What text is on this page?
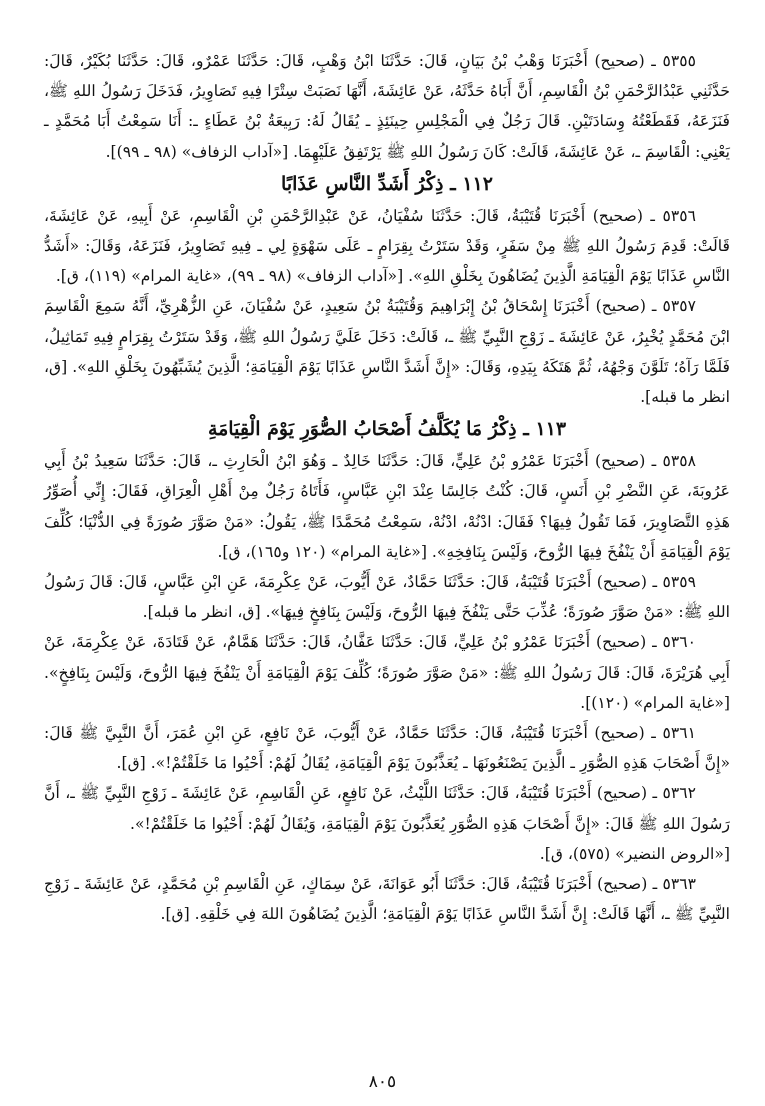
٥٣٥٥ ـ (صحيح) أَخْبَرَنَا وَهْبُ بْنُ بَيَانٍ، قَالَ: حَدَّثَنَا ابْنُ وَهْبٍ، قَالَ: حَدَّثَنَا عَمْرٌو، قَالَ: حَدَّثَنَا بُكَيْرٌ، قَالَ: حَدَّثَنِي عَبْدُالرَّحْمَنِ بْنُ الْقَاسِمِ، أَنَّ أَبَاهُ حَدَّثَهُ، عَنْ عَائِشَةَ، أَنَّهَا نَصَبَتْ سِتْرًا فِيهِ تَصَاوِيرُ، فَدَخَلَ رَسُولُ اللهِ ﷺ، فَنَزَعَهُ، فَقَطَعْتُهُ وِسَادَتَيْنِ. قَالَ رَجُلٌ فِي الْمَجْلِسِ حِينَئِذٍ ـ يُقَالُ لَهُ: رَبِيعَةُ بْنُ عَطَاءٍ ـ: أَنَا سَمِعْتُ أَبَا مُحَمَّدٍ ـ يَعْنِي: الْقَاسِمَ ـ، عَنْ عَائِشَةَ، قَالَتْ: كَانَ رَسُولُ اللهِ ﷺ يَرْتَفِقُ عَلَيْهِمَا. [«آداب الزفاف» (٩٨ ـ ٩٩)].

١١٢ ـ ذِكْرُ أَشَدِّ النَّاسِ عَذَابًا

٥٣٥٦ ـ (صحيح) أَخْبَرَنَا قُتَيْبَةُ، قَالَ: حَدَّثَنَا سُفْيَانُ، عَنْ عَبْدِالرَّحْمَنِ بْنِ الْقَاسِمِ، عَنْ أَبِيهِ، عَنْ عَائِشَةَ، قَالَتْ: قَدِمَ رَسُولُ اللهِ ﷺ مِنْ سَفَرٍ، وَقَدْ سَتَرْتُ بِقِرَامٍ ـ عَلَى سَهْوَةٍ لِي ـ فِيهِ تَصَاوِيرُ، فَنَزَعَهُ، وَقَالَ: «أَشَدُّ النَّاسِ عَذَابًا يَوْمَ الْقِيَامَةِ الَّذِينَ يُضَاهُونَ بِخَلْقِ اللهِ». [«آداب الزفاف» (٩٨ ـ ٩٩)، «غاية المرام» (١١٩)، ق].

٥٣٥٧ ـ (صحيح) أَخْبَرَنَا إِسْحَاقُ بْنُ إِبْرَاهِيمَ وَقُتَيْبَةُ بْنُ سَعِيدٍ، عَنْ سُفْيَانَ، عَنِ الزُّهْرِيِّ، أَنَّهُ سَمِعَ الْقَاسِمَ ابْنَ مُحَمَّدٍ يُخْبِرُ، عَنْ عَائِشَةَ ـ زَوْجِ النَّبِيِّ ﷺ ـ، قَالَتْ: دَخَلَ عَلَيَّ رَسُولُ اللهِ ﷺ، وَقَدْ سَتَرْتُ بِقِرَامٍ فِيهِ تَمَاثِيلُ، فَلَمَّا رَآهُ؛ تَلَوَّنَ وَجْهُهُ، ثُمَّ هَتَكَهُ بِيَدِهِ، وَقَالَ: «إِنَّ أَشَدَّ النَّاسِ عَذَابًا يَوْمَ الْقِيَامَةِ؛ الَّذِينَ يُشَبِّهُونَ بِخَلْقِ اللهِ». [ق، انظر ما قبله].

١١٣ ـ ذِكْرُ مَا يُكَلَّفُ أَصْحَابُ الصُّوَرِ يَوْمَ الْقِيَامَةِ

٥٣٥٨ ـ (صحيح) أَخْبَرَنَا عَمْرُو بْنُ عَلِيٍّ، قَالَ: حَدَّثَنَا خَالِدٌ ـ وَهُوَ ابْنُ الْحَارِثِ ـ، قَالَ: حَدَّثَنَا سَعِيدُ بْنُ أَبِي عَرُوبَةَ، عَنِ النَّضْرِ بْنِ أَنَسٍ، قَالَ: كُنْتُ جَالِسًا عِنْدَ ابْنِ عَبَّاسٍ، فَأَتَاهُ رَجُلٌ مِنْ أَهْلِ الْعِرَاقِ، فَقَالَ: إِنِّي أُصَوِّرُ هَذِهِ التَّصَاوِيرَ، فَمَا تَقُولُ فِيهَا؟ فَقَالَ: ادْنُهْ، ادْنُهْ، سَمِعْتُ مُحَمَّدًا ﷺ، يَقُولُ: «مَنْ صَوَّرَ صُورَةً فِي الدُّنْيَا؛ كُلِّفَ يَوْمَ الْقِيَامَةِ أَنْ يَنْفُخَ فِيهَا الرُّوحَ، وَلَيْسَ بِنَافِخِهِ». [«غاية المرام» (١٢٠ و١٦٥)، ق].

٥٣٥٩ ـ (صحيح) أَخْبَرَنَا قُتَيْبَةُ، قَالَ: حَدَّثَنَا حَمَّادٌ، عَنْ أَيُّوبَ، عَنْ عِكْرِمَةَ، عَنِ ابْنِ عَبَّاسٍ، قَالَ: قَالَ رَسُولُ اللهِ ﷺ: «مَنْ صَوَّرَ صُورَةً؛ عُذِّبَ حَتَّى يَنْفُخَ فِيهَا الرُّوحَ، وَلَيْسَ بِنَافِخٍ فِيهَا». [ق، انظر ما قبله].

٥٣٦٠ ـ (صحيح) أَخْبَرَنَا عَمْرُو بْنُ عَلِيٍّ، قَالَ: حَدَّثَنَا عَفَّانُ، قَالَ: حَدَّثَنَا هَمَّامٌ، عَنْ قَتَادَةَ، عَنْ عِكْرِمَةَ، عَنْ أَبِي هُرَيْرَةَ، قَالَ: قَالَ رَسُولُ اللهِ ﷺ: «مَنْ صَوَّرَ صُورَةً؛ كُلِّفَ يَوْمَ الْقِيَامَةِ أَنْ يَنْفُخَ فِيهَا الرُّوحَ، وَلَيْسَ بِنَافِخٍ». [«غاية المرام» (١٢٠)].

٥٣٦١ ـ (صحيح) أَخْبَرَنَا قُتَيْبَةُ، قَالَ: حَدَّثَنَا حَمَّادٌ، عَنْ أَيُّوبَ، عَنْ نَافِعٍ، عَنِ ابْنِ عُمَرَ، أَنَّ النَّبِيَّ ﷺ قَالَ: «إِنَّ أَصْحَابَ هَذِهِ الصُّوَرِ ـ الَّذِينَ يَصْنَعُونَهَا ـ يُعَذَّبُونَ يَوْمَ الْقِيَامَةِ، يُقَالُ لَهُمْ: أَحْيُوا مَا خَلَقْتُمْ!». [ق].

٥٣٦٢ ـ (صحيح) أَخْبَرَنَا قُتَيْبَةُ، قَالَ: حَدَّثَنَا اللَّيْثُ، عَنْ نَافِعٍ، عَنِ الْقَاسِمِ، عَنْ عَائِشَةَ ـ زَوْجِ النَّبِيِّ ﷺ ـ، أَنَّ رَسُولَ اللهِ ﷺ قَالَ: «إِنَّ أَصْحَابَ هَذِهِ الصُّوَرِ يُعَذَّبُونَ يَوْمَ الْقِيَامَةِ، وَيُقَالُ لَهُمْ: أَحْيُوا مَا خَلَقْتُمْ!».

[«الروض النضير» (٥٧٥)، ق].

٥٣٦٣ ـ (صحيح) أَخْبَرَنَا قُتَيْبَةُ، قَالَ: حَدَّثَنَا أَبُو عَوَانَةَ، عَنْ سِمَاكٍ، عَنِ الْقَاسِمِ بْنِ مُحَمَّدٍ، عَنْ عَائِشَةَ ـ زَوْجِ النَّبِيِّ ﷺ ـ، أَنَّهَا قَالَتْ: إِنَّ أَشَدَّ النَّاسِ عَذَابًا يَوْمَ الْقِيَامَةِ؛ الَّذِينَ يُضَاهُونَ اللهَ فِي خَلْقِهِ. [ق].

٨٠٥
